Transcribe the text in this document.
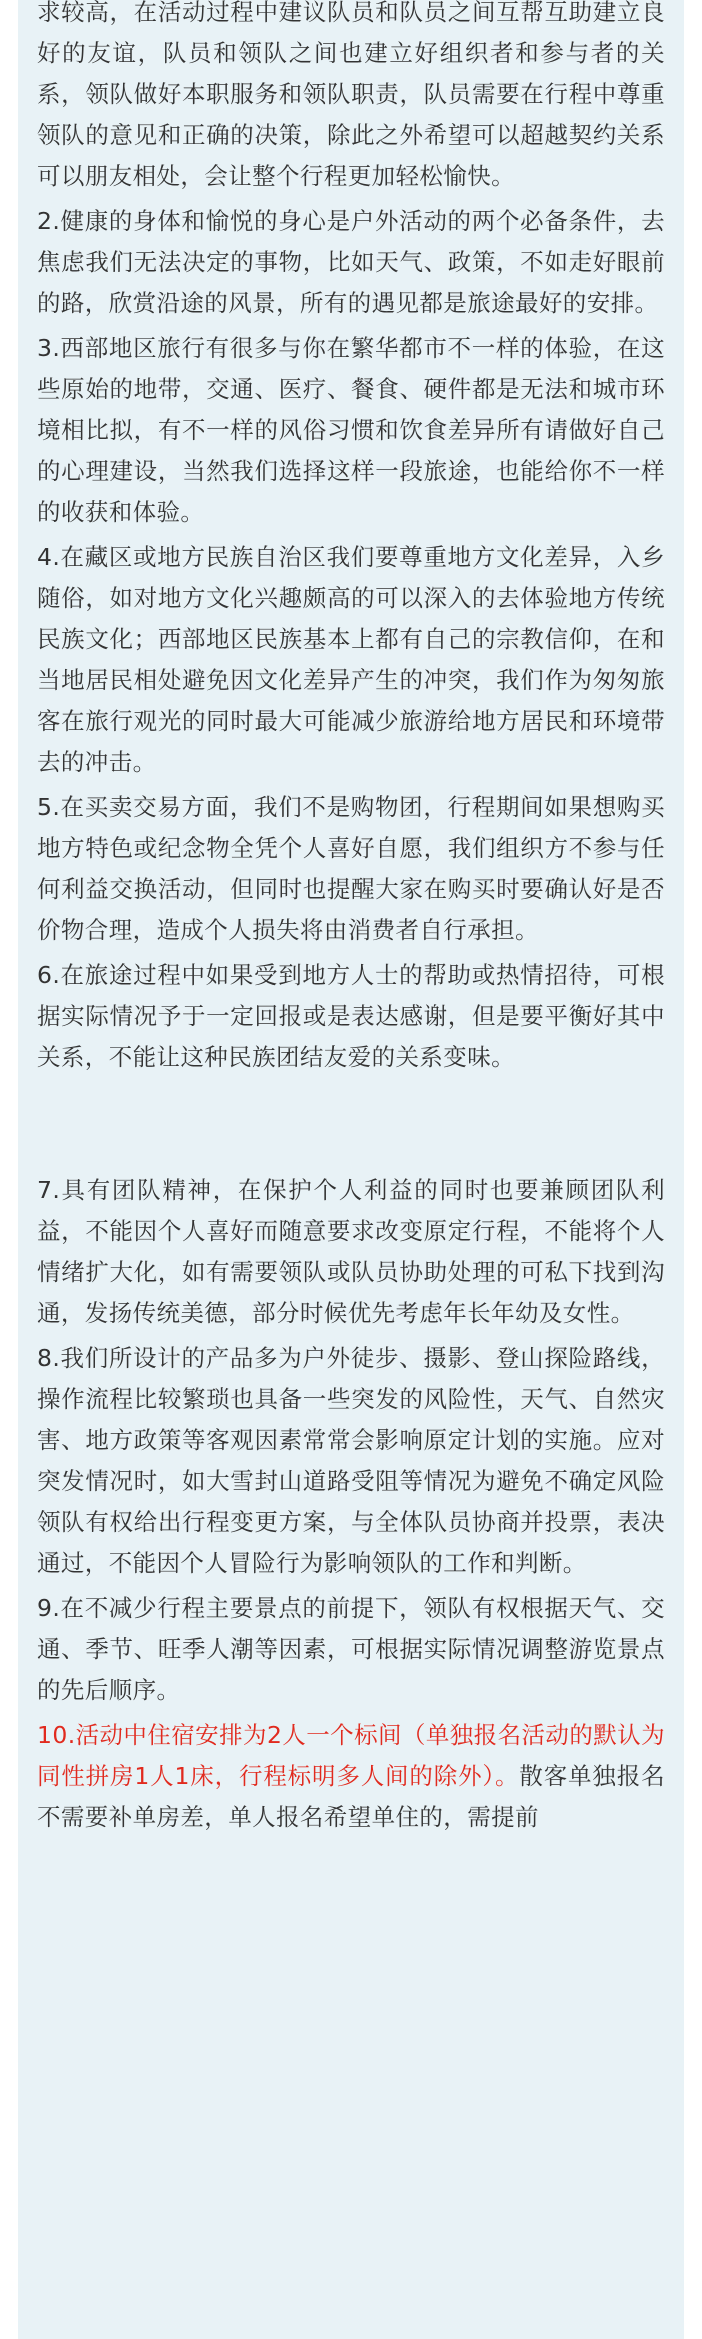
求较高，在活动过程中建议队员和队员之间互帮互助建立良好的友谊，队员和领队之间也建立好组织者和参与者的关系，领队做好本职服务和领队职责，队员需要在行程中尊重领队的意见和正确的决策，除此之外希望可以超越契约关系可以朋友相处，会让整个行程更加轻松愉快。

2.健康的身体和愉悦的身心是户外活动的两个必备条件，去焦虑我们无法决定的事物，比如天气、政策，不如走好眼前的路，欣赏沿途的风景，所有的遇见都是旅途最好的安排。

3.西部地区旅行有很多与你在繁华都市不一样的体验，在这些原始的地带，交通、医疗、餐食、硬件都是无法和城市环境相比拟，有不一样的风俗习惯和饮食差异所有请做好自己的心理建设，当然我们选择这样一段旅途，也能给你不一样的收获和体验。

4.在藏区或地方民族自治区我们要尊重地方文化差异，入乡随俗，如对地方文化兴趣颇高的可以深入的去体验地方传统民族文化；西部地区民族基本上都有自己的宗教信仰，在和当地居民相处避免因文化差异产生的冲突，我们作为匆匆旅客在旅行观光的同时最大可能减少旅游给地方居民和环境带去的冲击。

5.在买卖交易方面，我们不是购物团，行程期间如果想购买地方特色或纪念物全凭个人喜好自愿，我们组织方不参与任何利益交换活动，但同时也提醒大家在购买时要确认好是否价物合理，造成个人损失将由消费者自行承担。

6.在旅途过程中如果受到地方人士的帮助或热情招待，可根据实际情况予于一定回报或是表达感谢，但是要平衡好其中关系，不能让这种民族团结友爱的关系变味。

7.具有团队精神，在保护个人利益的同时也要兼顾团队利益，不能因个人喜好而随意要求改变原定行程，不能将个人情绪扩大化，如有需要领队或队员协助处理的可私下找到沟通，发扬传统美德，部分时候优先考虑年长年幼及女性。

8.我们所设计的产品多为户外徒步、摄影、登山探险路线，操作流程比较繁琐也具备一些突发的风险性，天气、自然灾害、地方政策等客观因素常常会影响原定计划的实施。应对突发情况时，如大雪封山道路受阻等情况为避免不确定风险领队有权给出行程变更方案，与全体队员协商并投票，表决通过，不能因个人冒险行为影响领队的工作和判断。

9.在不减少行程主要景点的前提下，领队有权根据天气、交通、季节、旺季人潮等因素，可根据实际情况调整游览景点的先后顺序。

10.活动中住宿安排为2人一个标间（单独报名活动的默认为同性拼房1人1床，行程标明多人间的除外）。散客单独报名不需要补单房差，单人报名希望单住的，需提前
